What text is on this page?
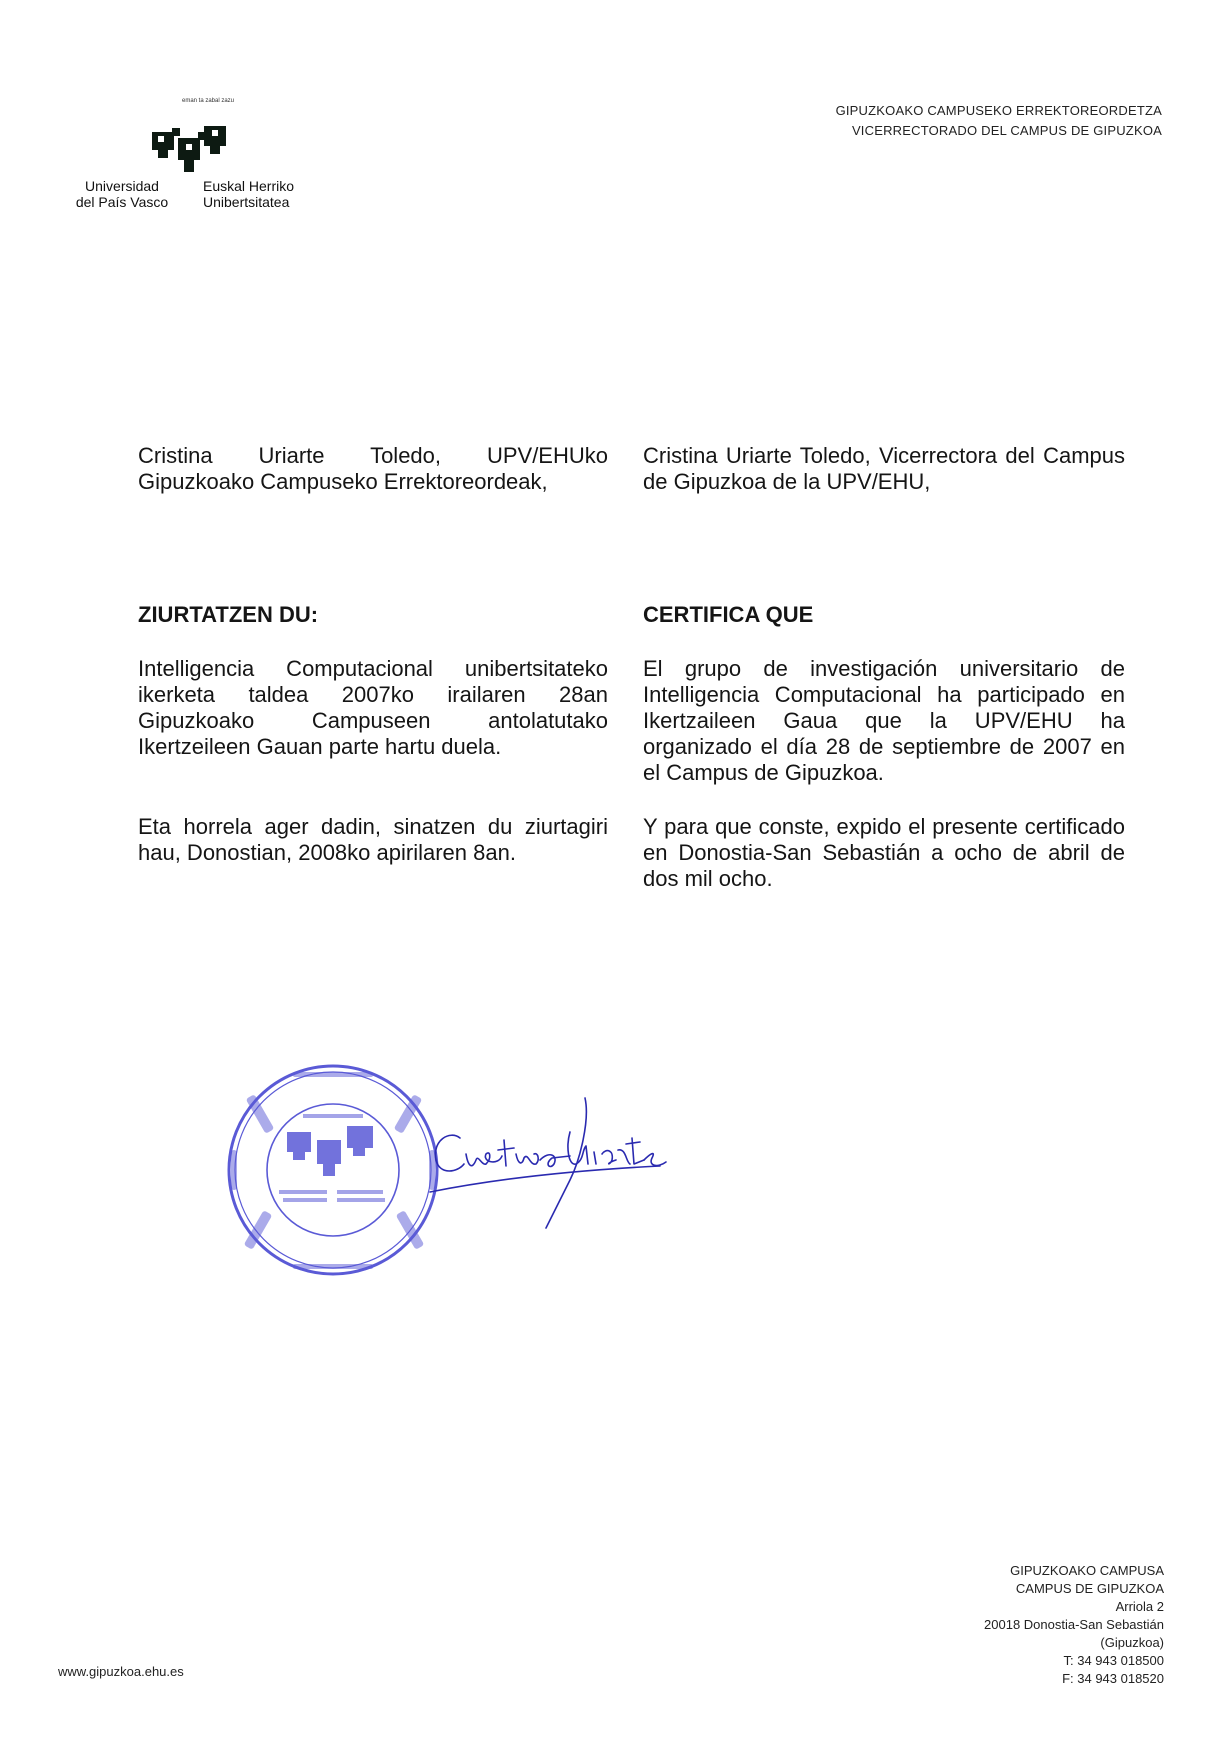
eman ta zabal zazu
Universidad
del País Vasco
Euskal Herriko
Unibertsitatea
GIPUZKOAKO CAMPUSEKO ERREKTOREORDETZA
VICERRECTORADO DEL CAMPUS DE GIPUZKOA

Cristina Uriarte Toledo, UPV/EHUko Gipuzkoako Campuseko Errektoreordeak,

ZIURTATZEN DU:

Intelligencia Computacional unibertsitateko ikerketa taldea 2007ko irailaren 28an Gipuzkoako Campuseen antolatutako Ikertzeileen Gauan parte hartu duela.

Eta horrela ager dadin, sinatzen du ziurtagiri hau, Donostian, 2008ko apirilaren 8an.

Cristina Uriarte Toledo, Vicerrectora del Campus de Gipuzkoa de la UPV/EHU,

CERTIFICA QUE

El grupo de investigación universitario de Intelligencia Computacional ha participado en Ikertzaileen Gaua que la UPV/EHU ha organizado el día 28 de septiembre de 2007 en el Campus de Gipuzkoa.

Y para que conste, expido el presente certificado en Donostia-San Sebastián a ocho de abril de dos mil ocho.

GIPUZKOAKO CAMPUSA
CAMPUS DE GIPUZKOA
Arriola 2
20018 Donostia-San Sebastián
(Gipuzkoa)
T: 34 943 018500
F: 34 943 018520
www.gipuzkoa.ehu.es
